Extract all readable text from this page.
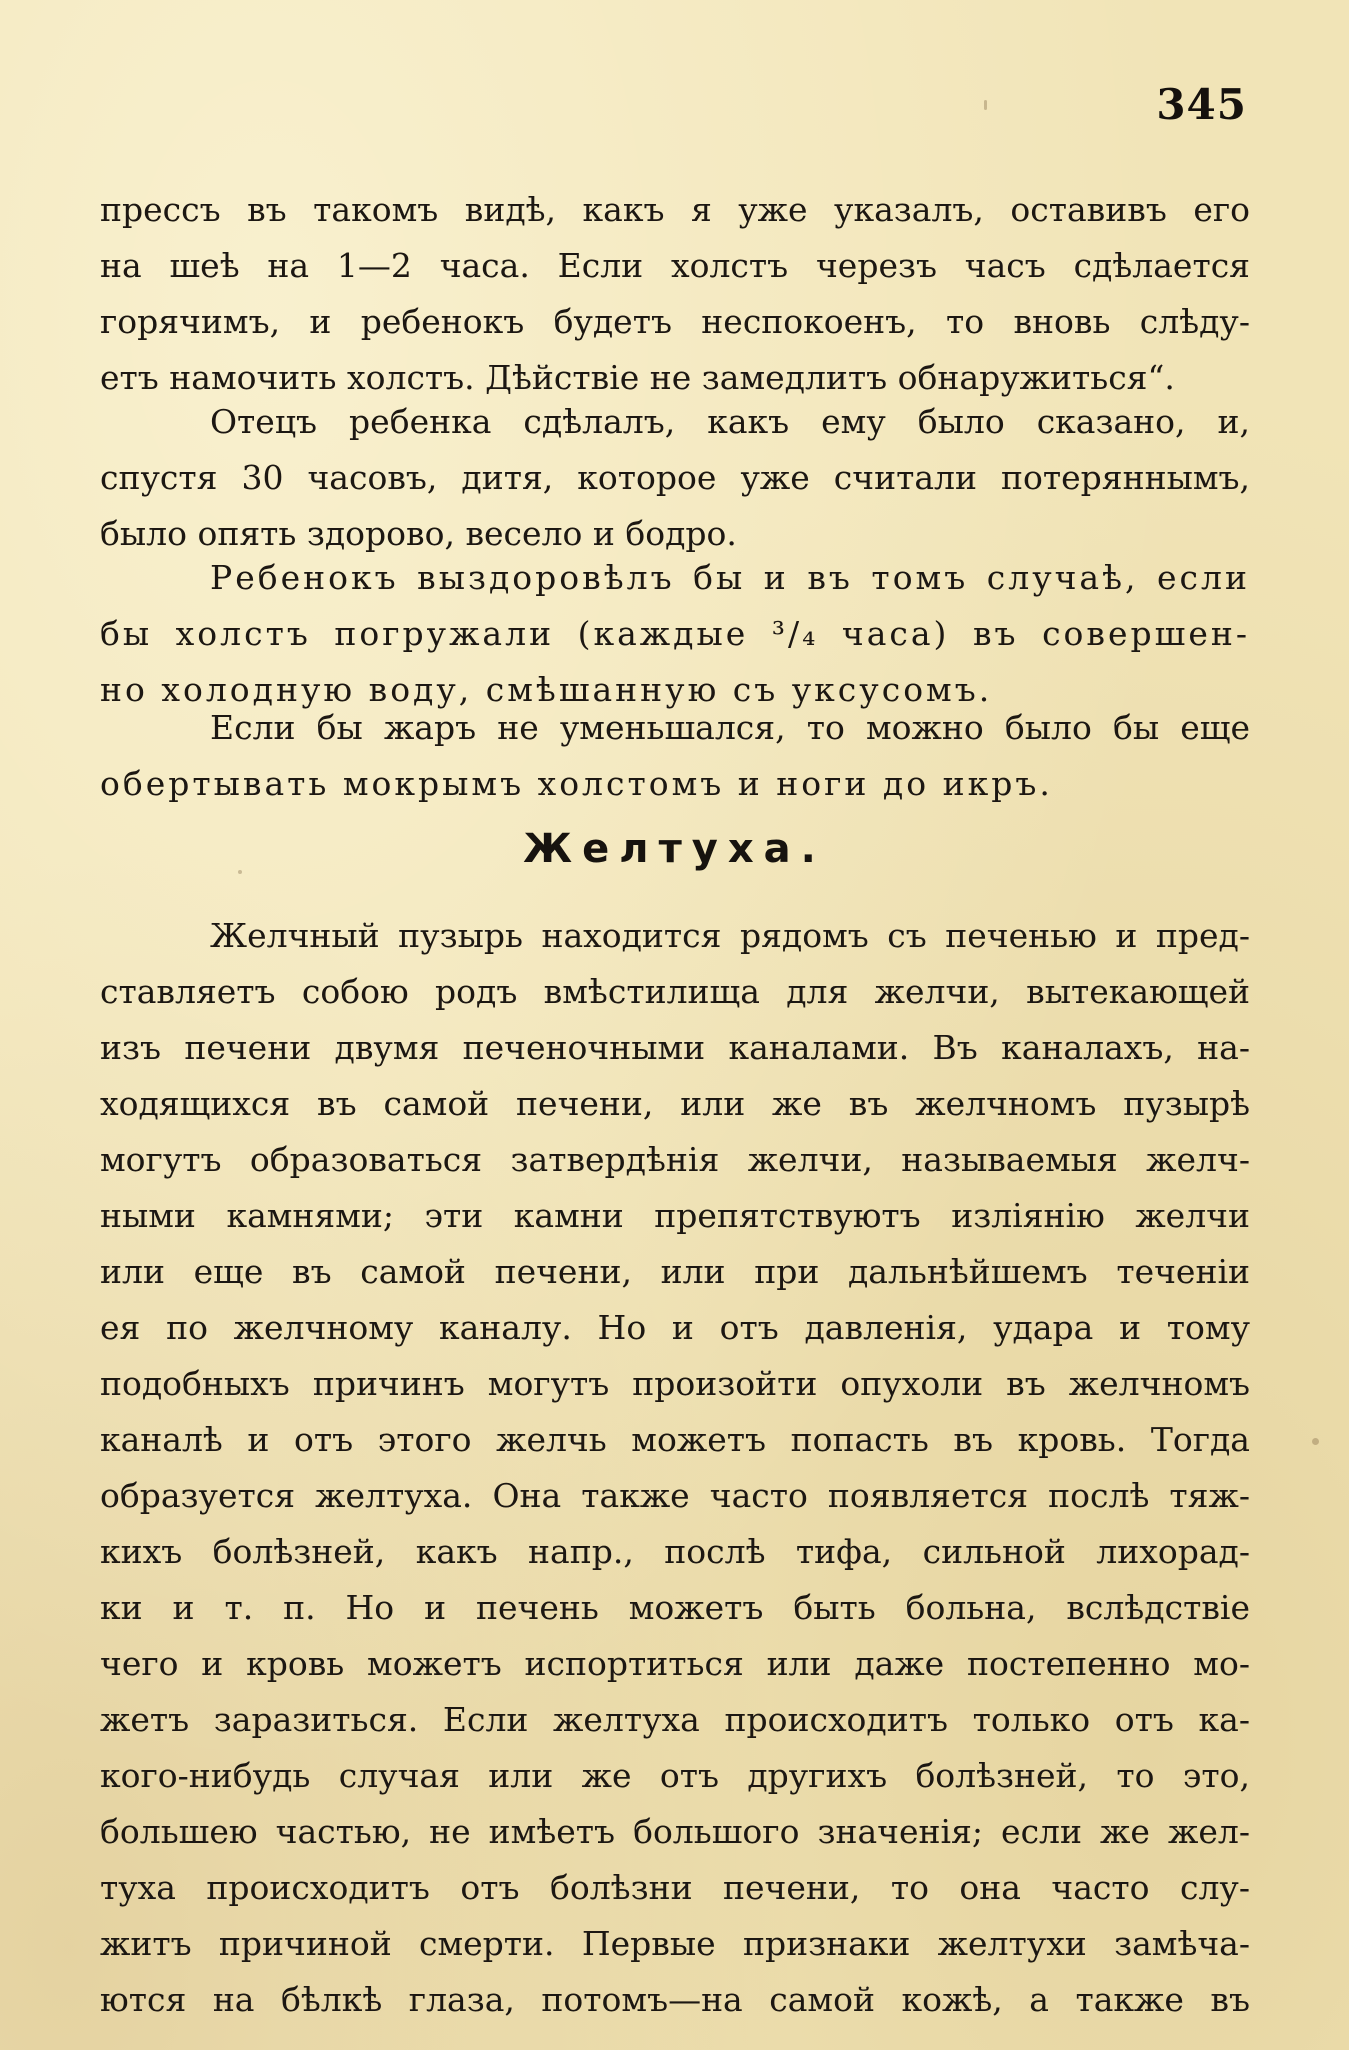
345
прессъ въ такомъ видѣ, какъ я уже указалъ, оставивъ его
на шеѣ на 1—2 часа. Если холстъ черезъ часъ сдѣлается
горячимъ, и ребенокъ будетъ неспокоенъ, то вновь слѣду-
етъ намочить холстъ. Дѣйствіе не замедлитъ обнаружиться“.
Отецъ ребенка сдѣлалъ, какъ ему было сказано, и,
спустя 30 часовъ, дитя, которое уже считали потеряннымъ,
было опять здорово, весело и бодро.
Ребенокъ выздоровѣлъ бы и въ томъ случаѣ, если
бы холстъ погружали (каждые ³/₄ часа) въ совершен-
но холодную воду, смѣшанную съ уксусомъ.
Если бы жаръ не уменьшался, то можно было бы еще
обертывать мокрымъ холстомъ и ноги до икръ.
Желтуха.
Желчный пузырь находится рядомъ съ печенью и пред-
ставляетъ собою родъ вмѣстилища для желчи, вытекающей
изъ печени двумя печеночными каналами. Въ каналахъ, на-
ходящихся въ самой печени, или же въ желчномъ пузырѣ
могутъ образоваться затвердѣнія желчи, называемыя желч-
ными камнями; эти камни препятствуютъ изліянію желчи
или еще въ самой печени, или при дальнѣйшемъ теченіи
ея по желчному каналу. Но и отъ давленія, удара и тому
подобныхъ причинъ могутъ произойти опухоли въ желчномъ
каналѣ и отъ этого желчь можетъ попасть въ кровь. Тогда
образуется желтуха. Она также часто появляется послѣ тяж-
кихъ болѣзней, какъ напр., послѣ тифа, сильной лихорад-
ки и т. п. Но и печень можетъ быть больна, вслѣдствіе
чего и кровь можетъ испортиться или даже постепенно мо-
жетъ заразиться. Если желтуха происходитъ только отъ ка-
кого-нибудь случая или же отъ другихъ болѣзней, то это,
большею частью, не имѣетъ большого значенія; если же жел-
туха происходитъ отъ болѣзни печени, то она часто слу-
житъ причиной смерти. Первые признаки желтухи замѣча-
ются на бѣлкѣ глаза, потомъ—на самой кожѣ, а также въ
